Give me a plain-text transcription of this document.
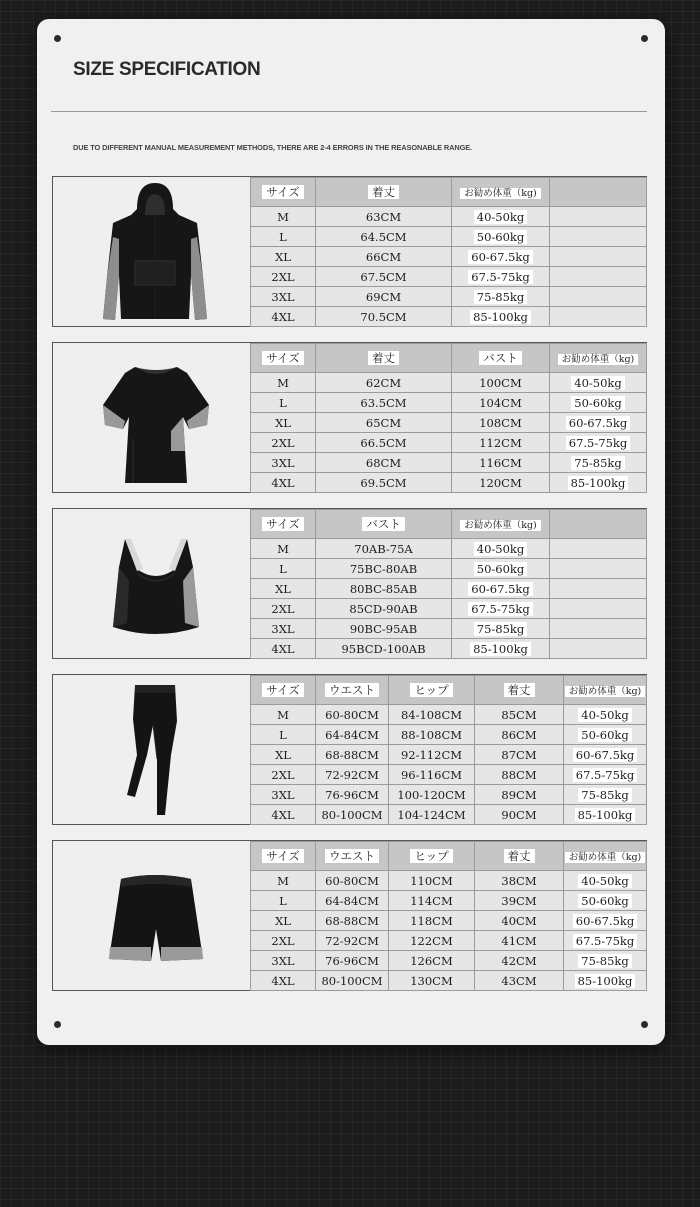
SIZE SPECIFICATION

DUE TO DIFFERENT MANUAL MEASUREMENT METHODS, THERE ARE 2-4 ERRORS IN THE REASONABLE RANGE.

サイズ	着丈	お勧め体重（kg)	
M	63CM	40-50kg	
L	64.5CM	50-60kg	
XL	66CM	60-67.5kg	
2XL	67.5CM	67.5-75kg	
3XL	69CM	75-85kg	
4XL	70.5CM	85-100kg	
サイズ	着丈	バスト	お勧め体重（kg)
M	62CM	100CM	40-50kg
L	63.5CM	104CM	50-60kg
XL	65CM	108CM	60-67.5kg
2XL	66.5CM	112CM	67.5-75kg
3XL	68CM	116CM	75-85kg
4XL	69.5CM	120CM	85-100kg
サイズ	バスト	お勧め体重（kg)	
M	70AB-75A	40-50kg	
L	75BC-80AB	50-60kg	
XL	80BC-85AB	60-67.5kg	
2XL	85CD-90AB	67.5-75kg	
3XL	90BC-95AB	75-85kg	
4XL	95BCD-100AB	85-100kg	
サイズ	ウエスト	ヒップ	着丈	お勧め体重（kg)
M	60-80CM	84-108CM	85CM	40-50kg
L	64-84CM	88-108CM	86CM	50-60kg
XL	68-88CM	92-112CM	87CM	60-67.5kg
2XL	72-92CM	96-116CM	88CM	67.5-75kg
3XL	76-96CM	100-120CM	89CM	75-85kg
4XL	80-100CM	104-124CM	90CM	85-100kg
サイズ	ウエスト	ヒップ	着丈	お勧め体重（kg)
M	60-80CM	110CM	38CM	40-50kg
L	64-84CM	114CM	39CM	50-60kg
XL	68-88CM	118CM	40CM	60-67.5kg
2XL	72-92CM	122CM	41CM	67.5-75kg
3XL	76-96CM	126CM	42CM	75-85kg
4XL	80-100CM	130CM	43CM	85-100kg
